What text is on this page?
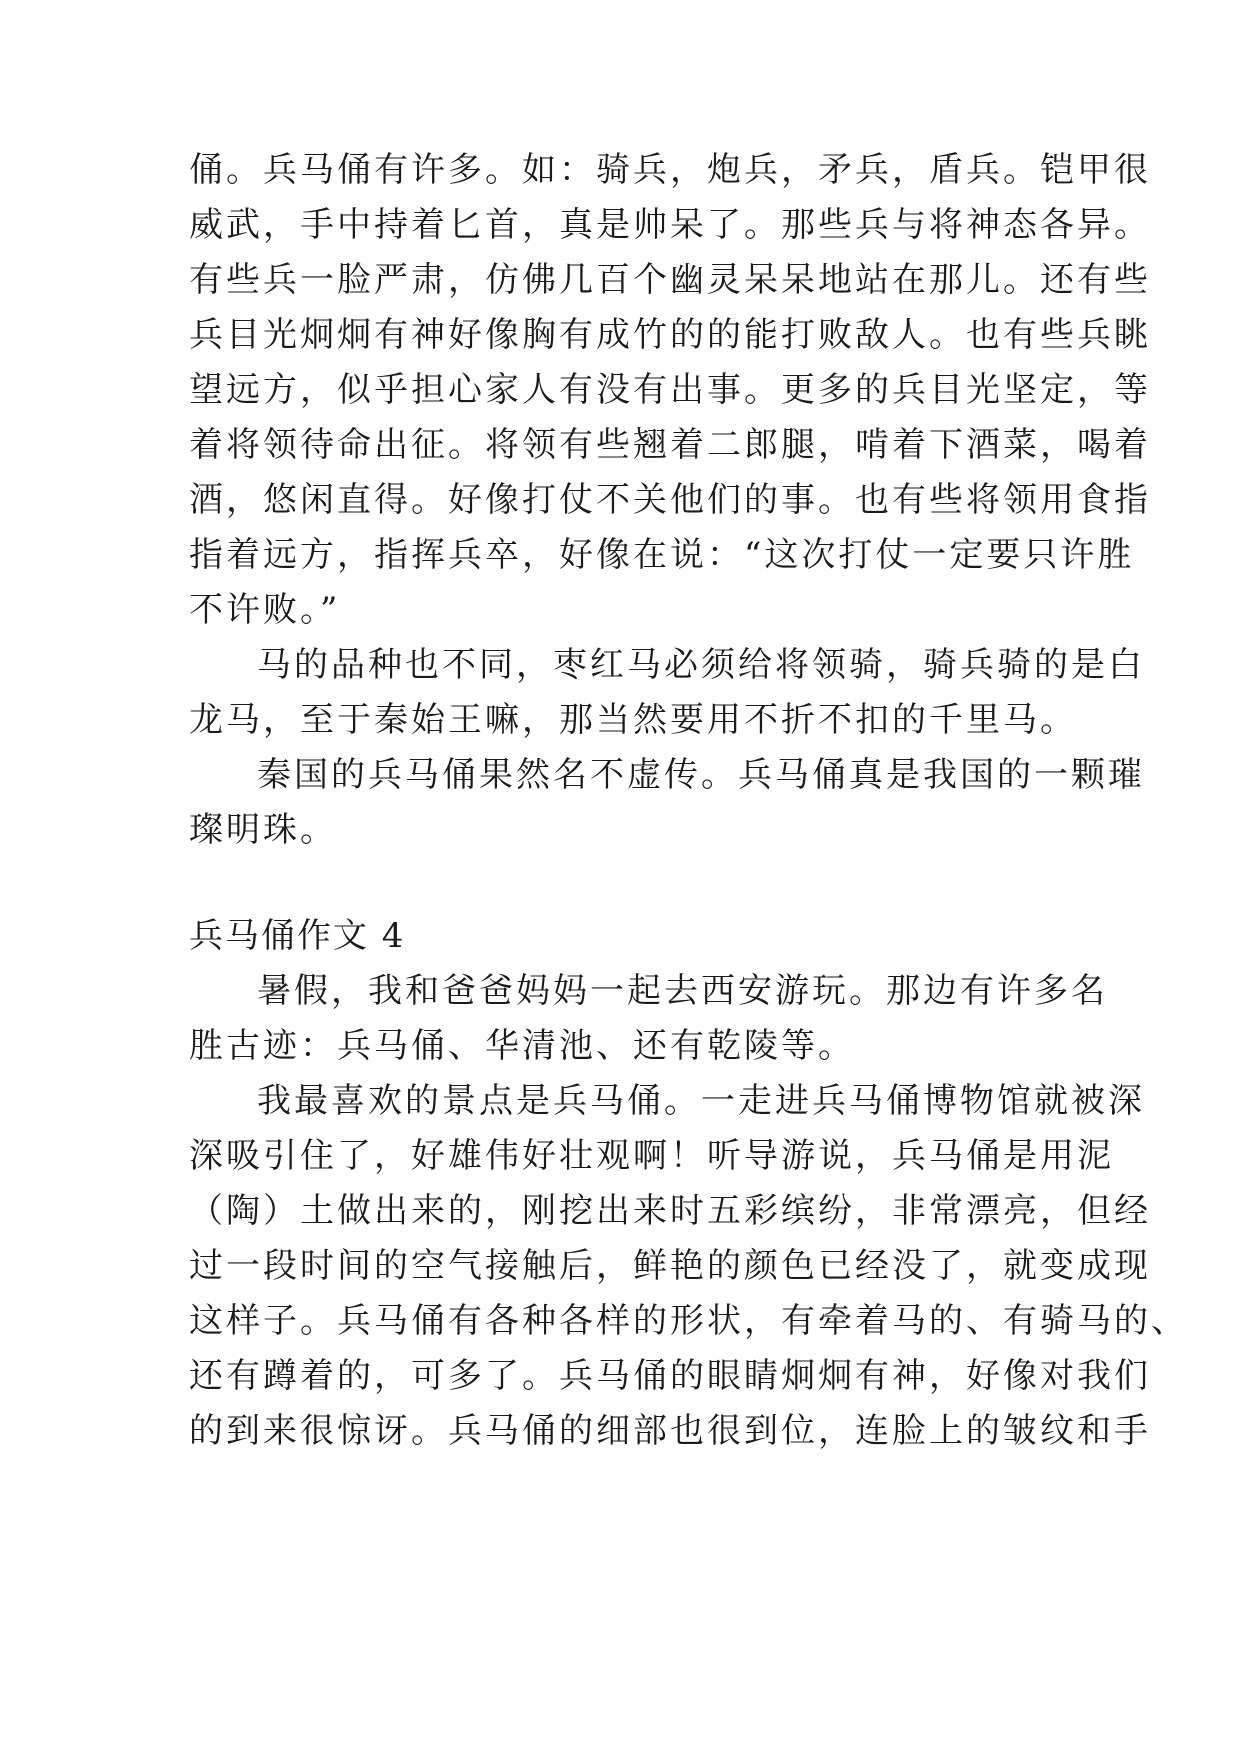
俑。兵马俑有许多。如：骑兵，炮兵，矛兵，盾兵。铠甲很
威武，手中持着匕首，真是帅呆了。那些兵与将神态各异。
有些兵一脸严肃，仿佛几百个幽灵呆呆地站在那儿。还有些
兵目光炯炯有神好像胸有成竹的的能打败敌人。也有些兵眺
望远方，似乎担心家人有没有出事。更多的兵目光坚定，等
着将领待命出征。将领有些翘着二郎腿，啃着下酒菜，喝着
酒，悠闲直得。好像打仗不关他们的事。也有些将领用食指
指着远方，指挥兵卒，好像在说：“这次打仗一定要只许胜
不许败。”
马的品种也不同，枣红马必须给将领骑，骑兵骑的是白
龙马，至于秦始王嘛，那当然要用不折不扣的千里马。
秦国的兵马俑果然名不虚传。兵马俑真是我国的一颗璀
璨明珠。
兵马俑作文 4
暑假，我和爸爸妈妈一起去西安游玩。那边有许多名
胜古迹：兵马俑、华清池、还有乾陵等。
我最喜欢的景点是兵马俑。一走进兵马俑博物馆就被深
深吸引住了，好雄伟好壮观啊！听导游说，兵马俑是用泥
（陶）土做出来的，刚挖出来时五彩缤纷，非常漂亮，但经
过一段时间的空气接触后，鲜艳的颜色已经没了，就变成现
这样子。兵马俑有各种各样的形状，有牵着马的、有骑马的、
还有蹲着的，可多了。兵马俑的眼睛炯炯有神，好像对我们
的到来很惊讶。兵马俑的细部也很到位，连脸上的皱纹和手
